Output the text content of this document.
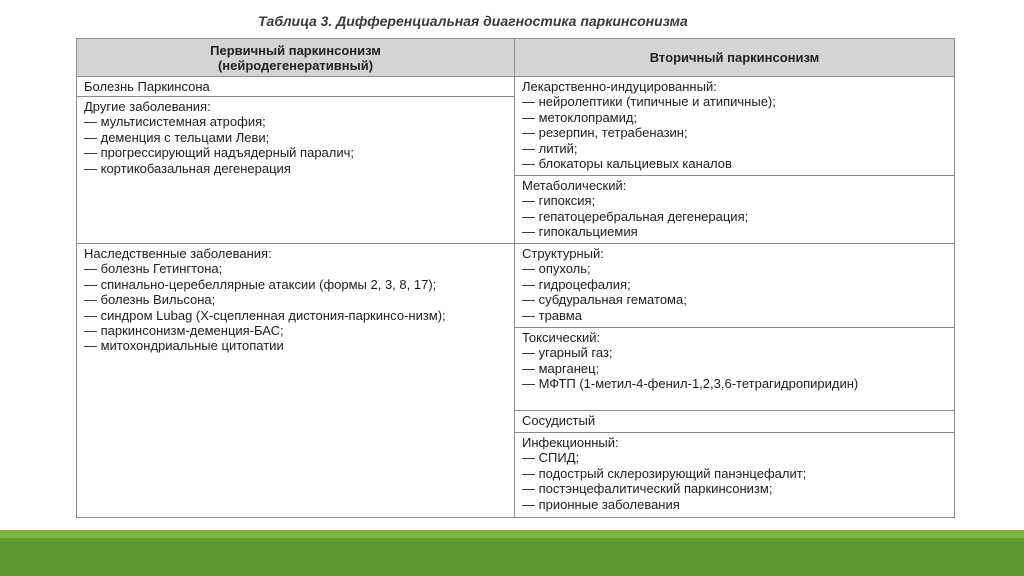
Таблица 3. Дифференциальная диагностика паркинсонизма
Первичный паркинсонизм
(нейродегенеративный)	Вторичный паркинсонизм
Болезнь Паркинсона
Другие заболевания:
— мультисистемная атрофия;
— деменция с тельцами Леви;
— прогрессирующий надъядерный паралич;
— кортикобазальная дегенерация
Наследственные заболевания:
— болезнь Гетингтона;
— спинально-церебеллярные атаксии (формы 2, 3, 8, 17);
— болезнь Вильсона;
— синдром Lubag (Х-сцепленная дистония-паркинсо-низм);
— паркинсонизм-деменция-БАС;
— митохондриальные цитопатии
Лекарственно-индуцированный:
— нейролептики (типичные и атипичные);
— метоклопрамид;
— резерпин, тетрабеназин;
— литий;
— блокаторы кальциевых каналов
Метаболический:
— гипоксия;
— гепатоцеребральная дегенерация;
— гипокальциемия
Структурный:
— опухоль;
— гидроцефалия;
— субдуральная гематома;
— травма
Токсический:
— угарный газ;
— марганец;
— МФТП (1-метил-4-фенил-1,2,3,6-тетрагидропиридин)
Сосудистый
Инфекционный:
— СПИД;
— подострый склерозирующий панэнцефалит;
— постэнцефалитический паркинсонизм;
— прионные заболевания
